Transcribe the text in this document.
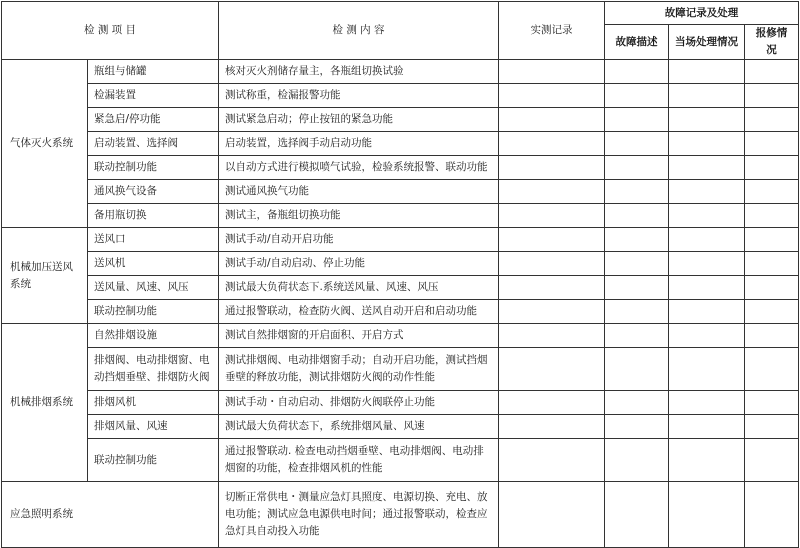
检 测 项 目		检 测 内 容	实测记录	故障记录及处理		
				故障描述	当场处理情况	报修情况
气体灭火系统	瓶组与储罐	核对灭火剂储存量主，各瓶组切换试验				
	检漏装置	测试称重，检漏报警功能				
	紧急启/停功能	测试紧急启动；停止按钮的紧急功能				
	启动装置、选择阀	启动装置，选择阀手动启动功能				
	联动控制功能	以自动方式进行模拟喷气试验，检验系统报警、联动功能				
	通风换气设备	测试通风换气功能				
	备用瓶切换	测试主，备瓶组切换功能				
机械加压送风系统	送风口	测试手动/自动开启功能				
	送风机	测试手动/自动启动、停止功能				
	送风量、风速、风压	测试最大负荷状态下.系统送风量、风速、风压				
	联动控制功能	通过报警联动，检查防火阀、送风自动开启和启动功能				
机械排烟系统	自然排烟设施	测试自然排烟窗的开启面积、开启方式				
	排烟阀、电动排烟窗、电动挡烟垂壁、排烟防火阀	测试排烟阀、电动排烟窗手动；自动开启功能，测试挡烟垂壁的释放功能，测试排烟防火阀的动作性能				
	排烟风机	测试手动・自动启动、排烟防火阀联停止功能				
	排烟风量、风速	测试最大负荷状态下，系统排烟风量、风速				
	联动控制功能	通过报警联动. 检查电动挡烟垂壁、电动排烟阀、电动排烟窗的功能，检查排烟风机的性能				
应急照明系统		切断正常供电・测量应急灯具照度、电源切换、充电、放电功能；测试应急电源供电时间；通过报警联动，检查应急灯具自动投入功能				
